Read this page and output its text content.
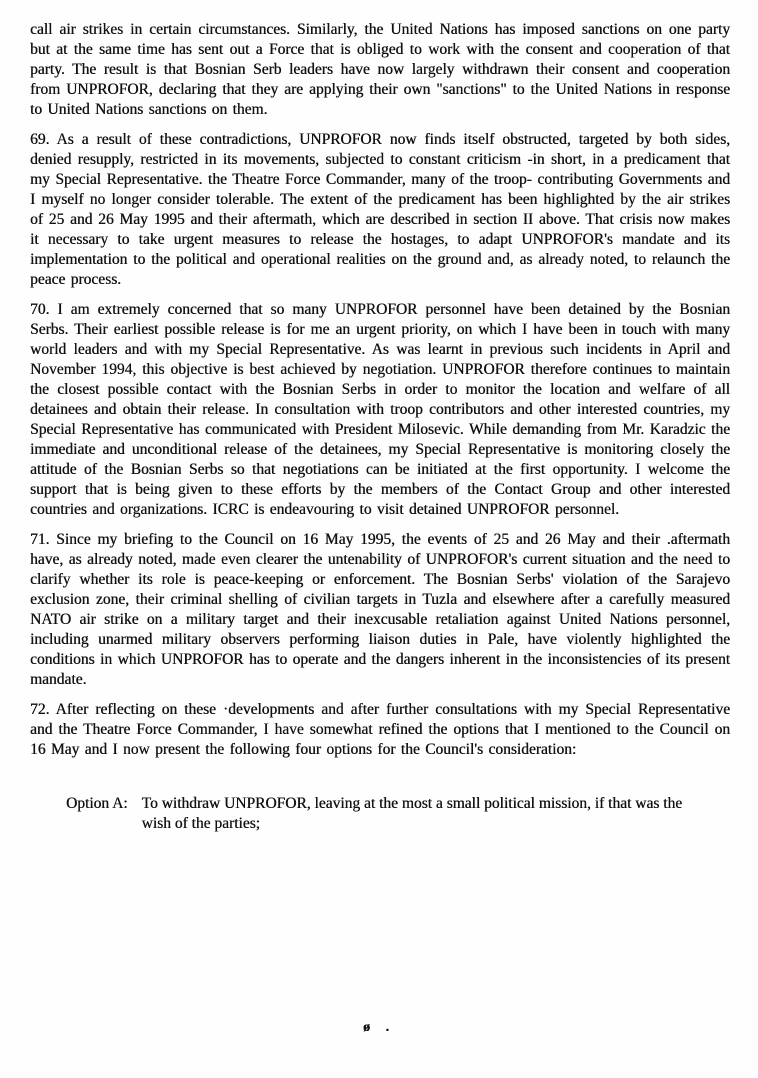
call air strikes in certain circumstances. Similarly, the United Nations has imposed sanctions on one party but at the same time has sent out a Force that is obliged to work with the consent and cooperation of that party. The result is that Bosnian Serb leaders have now largely withdrawn their consent and cooperation from UNPROFOR, declaring that they are applying their own "sanctions" to the United Nations in response to United Nations sanctions on them.

69. As a result of these contradictions, UNPROFOR now finds itself obstructed, targeted by both sides, denied resupply, restricted in its movements, subjected to constant criticism -in short, in a predicament that my Special Representative. the Theatre Force Commander, many of the troop- contributing Governments and I myself no longer consider tolerable. The extent of the predicament has been highlighted by the air strikes of 25 and 26 May 1995 and their aftermath, which are described in section II above. That crisis now makes it necessary to take urgent measures to release the hostages, to adapt UNPROFOR's mandate and its implementation to the political and operational realities on the ground and, as already noted, to relaunch the peace process.

70. I am extremely concerned that so many UNPROFOR personnel have been detained by the Bosnian Serbs. Their earliest possible release is for me an urgent priority, on which I have been in touch with many world leaders and with my Special Representative. As was learnt in previous such incidents in April and November 1994, this objective is best achieved by negotiation. UNPROFOR therefore continues to maintain the closest possible contact with the Bosnian Serbs in order to monitor the location and welfare of all detainees and obtain their release. In consultation with troop contributors and other interested countries, my Special Representative has communicated with President Milosevic. While demanding from Mr. Karadzic the immediate and unconditional release of the detainees, my Special Representative is monitoring closely the attitude of the Bosnian Serbs so that negotiations can be initiated at the first opportunity. I welcome the support that is being given to these efforts by the members of the Contact Group and other interested countries and organizations. ICRC is endeavouring to visit detained UNPROFOR personnel.

71. Since my briefing to the Council on 16 May 1995, the events of 25 and 26 May and their .aftermath have, as already noted, made even clearer the untenability of UNPROFOR's current situation and the need to clarify whether its role is peace-keeping or enforcement. The Bosnian Serbs' violation of the Sarajevo exclusion zone, their criminal shelling of civilian targets in Tuzla and elsewhere after a carefully measured NATO air strike on a military target and their inexcusable retaliation against United Nations personnel, including unarmed military observers performing liaison duties in Pale, have violently highlighted the conditions in which UNPROFOR has to operate and the dangers inherent in the inconsistencies of its present mandate.

72. After reflecting on these ·developments and after further consultations with my Special Representative and the Theatre Force Commander, I have somewhat refined the options that I mentioned to the Council on 16 May and I now present the following four options for the Council's consideration:

Option A: To withdraw UNPROFOR, leaving at the most a small political mission, if that was the wish of the parties;
ø .
